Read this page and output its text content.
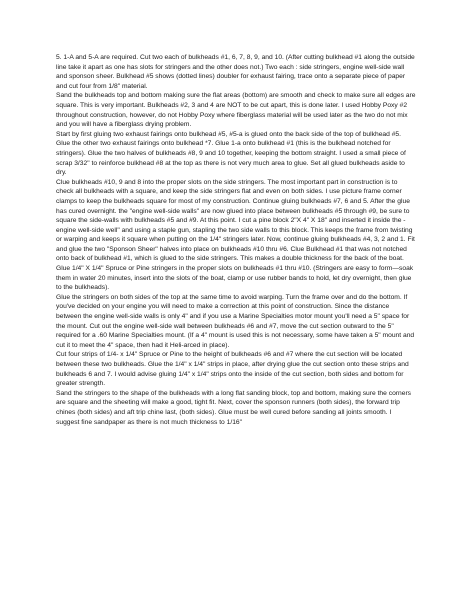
5. 1-A and 5-A are required. Cut two each of bulkheads #1, 6, 7, 8, 9, and 10. (After cutting bulkhead #1 along the outside line take it apart as one has slots for stringers and the other does not.) Two each : side stringers, engine well-side wall and sponson sheer. Bulkhead #5 shows (dotted lines) doubler for exhaust fairing, trace onto a separate piece of paper and cut four from 1/8" material.

Sand the bulkheads top and bottom making sure the flat areas (bottom) are smooth and check to make sure all edges are square. This is very important. Bulkheads #2, 3 and 4 are NOT to be cut apart, this is done later. I used Hobby Poxy #2 throughout construction, however, do not Hobby Poxy where fiberglass material will be used later as the two do not mix and you will have a fiberglass drying problem.

Start by first gluing two exhaust fairings onto bulkhead #5, #5-a is glued onto the back side of the top of bulkhead #5. Glue the other two exhaust fairings onto bulkhead *7. Glue 1-a onto bulkhead #1 (this is the bulkhead notched for stringers). Glue the two halves of bulkheads #8, 9 and 10 together, keeping the bottom straight. I used a small piece of scrap 3/32" to reinforce bulkhead #8 at the top as there is not very much area to glue. Set all glued bulkheads aside to dry.

Clue bulkheads #10, 9 and 8 into the proper slots on the side stringers. The most important part in construction is to check all bulkheads with a square, and keep the side stringers flat and even on both sides. I use picture frame corner clamps to keep the bulkheads square for most of my construction. Continue gluing bulkheads #7, 6 and 5. After the glue has cured overnight. the "engine well-side walls" are now glued into place between bulkheads #5 through #9, be sure to square the side-walls with bulkheads #5 and #9. At this point. I cut a pine block 2"X 4" X 18" and inserted it inside the -engine well-side well" and using a staple gun, stapling the two side walls to this block. This keeps the frame from twisting or warping and keeps it square when putting on the 1/4" stringers later. Now, continue gluing bulkheads #4, 3, 2 and 1. Fit and glue the two "Sponson Sheer" halves into place on bulkheads #10 thru #6. Clue Bulkhead #1 that was not notched onto back of bulkhead #1, which is glued to the side stringers. This makes a double thickness for the back of the boat.

Glue 1/4" X 1/4" Spruce or Pine stringers in the proper slots on bulkheads #1 thru #10. (Stringers are easy to form—soak them in water 20 minutes, insert into the slots of the boat, clamp or use rubber bands to hold, let dry overnight, then glue to the bulkheads).

Glue the stringers on both sides of the top at the same time to avoid warping. Turn the frame over and do the bottom. If you've decided on your engine you will need to make a correction at this point of construction. Since the distance between the engine well-side walls is only 4" and if you use a Marine Specialties motor mount you'll need a 5" space for the mount. Cut out the engine well-side wall between bulkheads #6 and #7, move the cut section outward to the 5" required for a .60 Marine Specialties mount. (If a 4" mount is used this is not necessary, some have taken a 5" mount and cut it to meet the 4" space, then had it Heli-arced in place).

Cut four strips of 1/4- x 1/4" Spruce or Pine to the height of bulkheads #6 and #7 where the cut section will be located between these two bulkheads. Glue the 1/4" x 1/4" strips in place, after drying glue the cut section onto these strips and bulkheads 6 and 7. I would advise gluing 1/4" x 1/4" strips onto the inside of the cut section, both sides and bottom for greater strength.

Sand the stringers to the shape of the bulkheads with a long flat sanding block, top and bottom, making sure the corners are square and the sheeting will make a good, tight fit. Next, cover the sponson runners (both sides), the forward trip chines (both sides) and aft trip chine last, (both sides). Glue must be well cured before sanding all joints smooth. I suggest fine sandpaper as there is not much thickness to 1/16"
